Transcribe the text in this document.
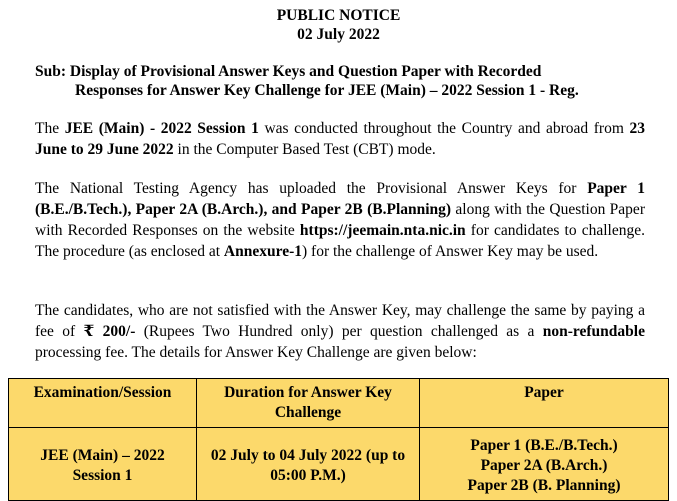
PUBLIC NOTICE
02 July 2022
Sub: Display of Provisional Answer Keys and Question Paper with Recorded
Responses for Answer Key Challenge for JEE (Main) – 2022 Session 1 - Reg.
The JEE (Main) - 2022 Session 1 was conducted throughout the Country and abroad from 23 June to 29 June 2022 in the Computer Based Test (CBT) mode.
The National Testing Agency has uploaded the Provisional Answer Keys for Paper 1 (B.E./B.Tech.), Paper 2A (B.Arch.), and Paper 2B (B.Planning) along with the Question Paper with Recorded Responses on the website https://jeemain.nta.nic.in for candidates to challenge. The procedure (as enclosed at Annexure-1) for the challenge of Answer Key may be used.
The candidates, who are not satisfied with the Answer Key, may challenge the same by paying a fee of ₹ 200/- (Rupees Two Hundred only) per question challenged as a non-refundable processing fee. The details for Answer Key Challenge are given below:
Examination/Session	Duration for Answer Key Challenge	Paper
JEE (Main) – 2022 Session 1	02 July to 04 July 2022 (up to 05:00 P.M.)	Paper 1 (B.E./B.Tech.)
Paper 2A (B.Arch.)
Paper 2B (B. Planning)
